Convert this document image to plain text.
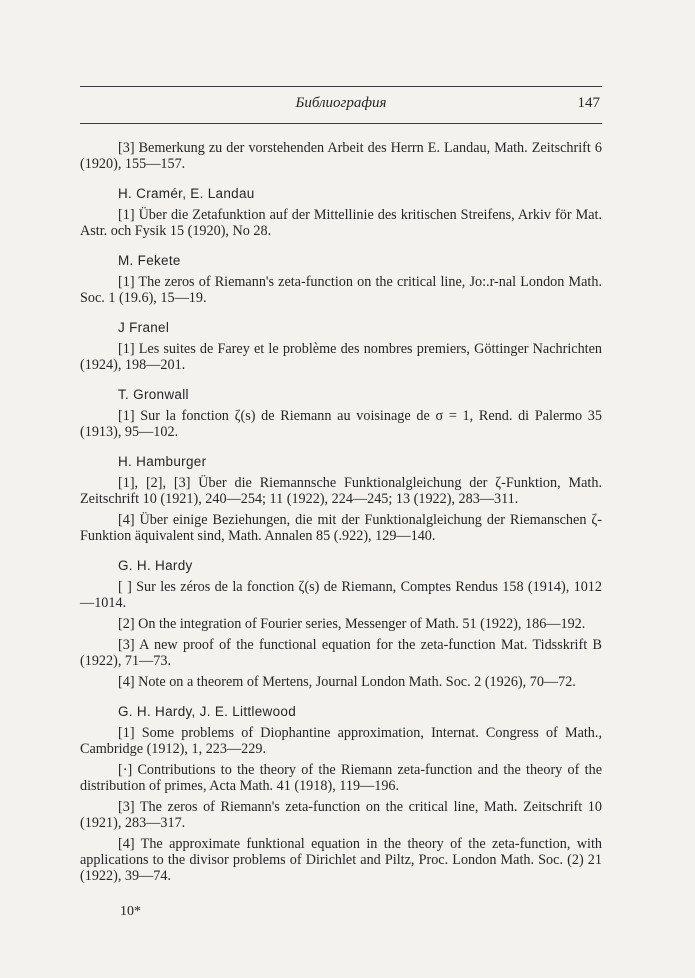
Библиография	147

[3] Bemerkung zu der vorstehenden Arbeit des Herrn E. Landau, Math. Zeitschrift 6 (1920), 155—157.

H. Cramér, E. Landau

[1] Über die Zetafunktion auf der Mittellinie des kritischen Streifens, Arkiv för Mat. Astr. och Fysik 15 (1920), No 28.

M. Fekete

[1] The zeros of Riemann's zeta-function on the critical line, Jo:.r-nal London Math. Soc. 1 (19.6), 15—19.

J Franel

[1] Les suites de Farey et le problème des nombres premiers, Göttinger Nachrichten (1924), 198—201.

T. Gronwall

[1] Sur la fonction ζ(s) de Riemann au voisinage de σ = 1, Rend. di Palermo 35 (1913), 95—102.

H. Hamburger

[1], [2], [3] Über die Riemannsche Funktionalgleichung der ζ-Funktion, Math. Zeitschrift 10 (1921), 240—254; 11 (1922), 224—245; 13 (1922), 283—311.

[4] Über einige Beziehungen, die mit der Funktionalgleichung der Riemanschen ζ-Funktion äquivalent sind, Math. Annalen 85 (.922), 129—140.

G. H. Hardy

[ ] Sur les zéros de la fonction ζ(s) de Riemann, Comptes Rendus 158 (1914), 1012—1014.

[2] On the integration of Fourier series, Messenger of Math. 51 (1922), 186—192.

[3] A new proof of the functional equation for the zeta-function Mat. Tidsskrift B (1922), 71—73.

[4] Note on a theorem of Mertens, Journal London Math. Soc. 2 (1926), 70—72.

G. H. Hardy, J. E. Littlewood

[1] Some problems of Diophantine approximation, Internat. Congress of Math., Cambridge (1912), 1, 223—229.

[·] Contributions to the theory of the Riemann zeta-function and the theory of the distribution of primes, Acta Math. 41 (1918), 119—196.

[3] The zeros of Riemann's zeta-function on the critical line, Math. Zeitschrift 10 (1921), 283—317.

[4] The approximate funktional equation in the theory of the zeta-function, with applications to the divisor problems of Dirichlet and Piltz, Proc. London Math. Soc. (2) 21 (1922), 39—74.

10*
